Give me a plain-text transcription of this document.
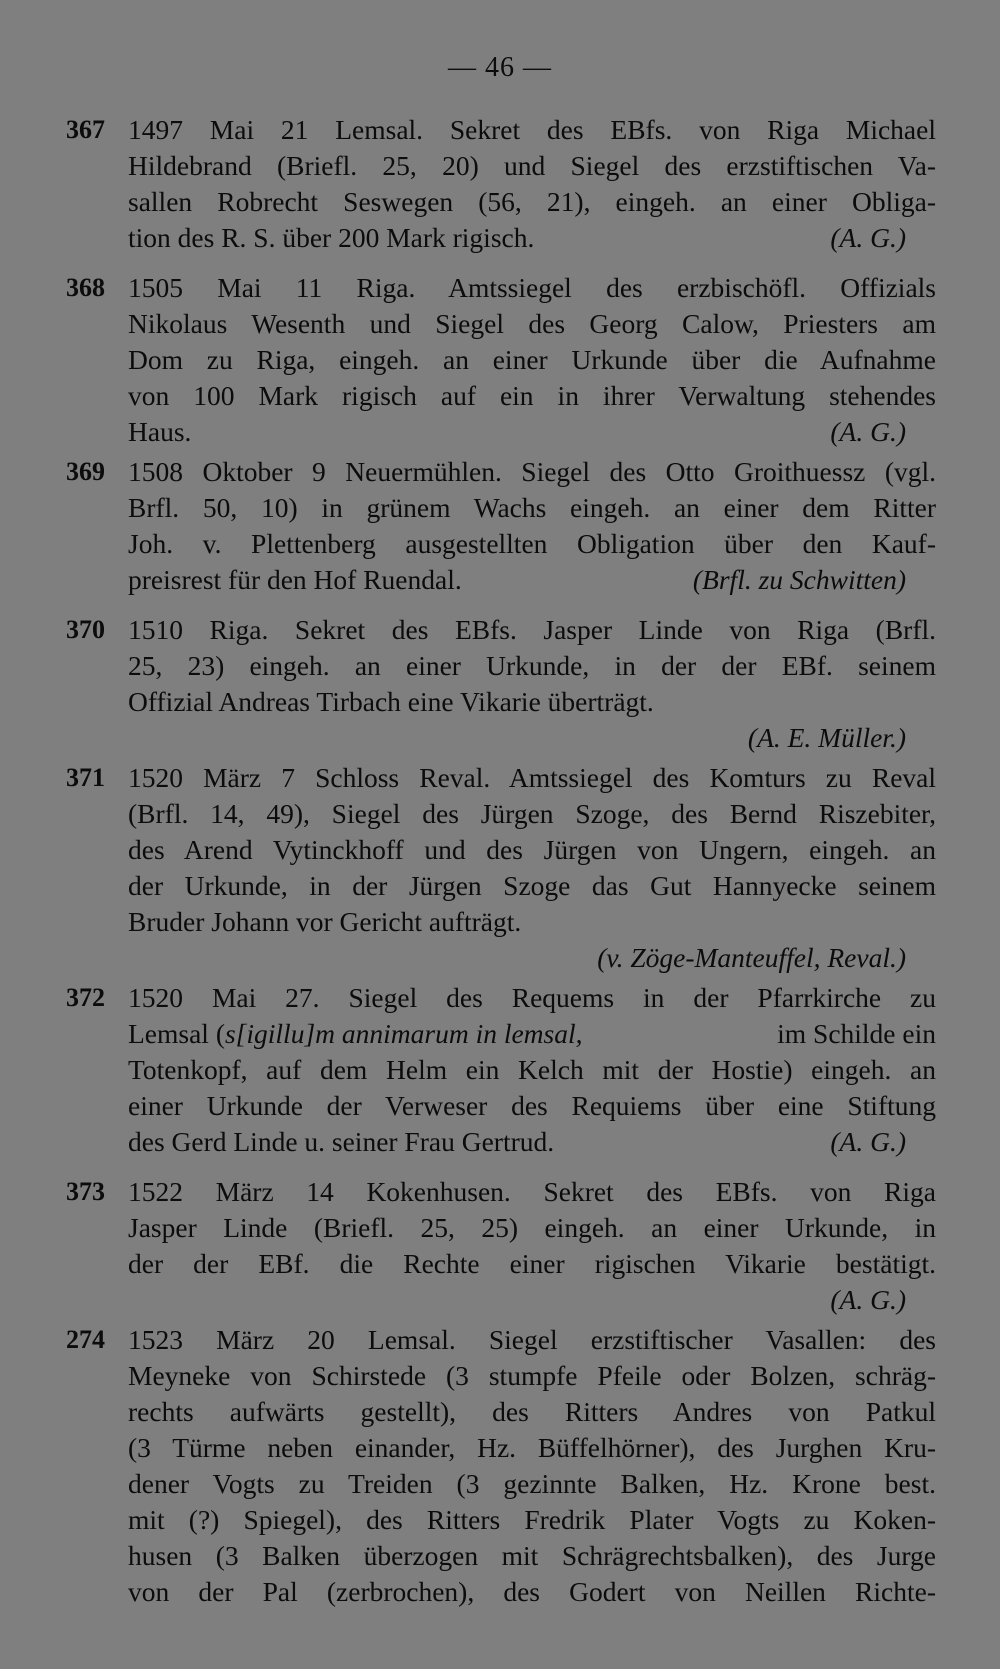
— 46 —
367 1497 Mai 21 Lemsal. Sekret des EBfs. von Riga Michael
Hildebrand (Briefl. 25, 20) und Siegel des erzstiftischen Va-
sallen Robrecht Seswegen (56, 21), eingeh. an einer Obliga-
tion des R. S. über 200 Mark rigisch.	(A. G.)
368 1505 Mai 11 Riga. Amtssiegel des erzbischöfl. Offizials
Nikolaus Wesenth und Siegel des Georg Calow, Priesters am
Dom zu Riga, eingeh. an einer Urkunde über die Aufnahme
von 100 Mark rigisch auf ein in ihrer Verwaltung stehendes
Haus.	(A. G.)
369 1508 Oktober 9 Neuermühlen. Siegel des Otto Groithuessz (vgl.
Brfl. 50, 10) in grünem Wachs eingeh. an einer dem Ritter
Joh. v. Plettenberg ausgestellten Obligation über den Kauf-
preisrest für den Hof Ruendal.	(Brfl. zu Schwitten)
370 1510 Riga. Sekret des EBfs. Jasper Linde von Riga (Brfl.
25, 23) eingeh. an einer Urkunde, in der der EBf. seinem
Offizial Andreas Tirbach eine Vikarie überträgt.
(A. E. Müller.)
371 1520 März 7 Schloss Reval. Amtssiegel des Komturs zu Reval
(Brfl. 14, 49), Siegel des Jürgen Szoge, des Bernd Riszebiter,
des Arend Vytinckhoff und des Jürgen von Ungern, eingeh. an
der Urkunde, in der Jürgen Szoge das Gut Hannyecke seinem
Bruder Johann vor Gericht aufträgt.
(v. Zöge-Manteuffel, Reval.)
372 1520 Mai 27. Siegel des Requems in der Pfarrkirche zu
Lemsal (s[igillu]m annimarum in lemsal,	im Schilde ein
Totenkopf, auf dem Helm ein Kelch mit der Hostie) eingeh. an
einer Urkunde der Verweser des Requiems über eine Stiftung
des Gerd Linde u. seiner Frau Gertrud.	(A. G.)
373 1522 März 14 Kokenhusen. Sekret des EBfs. von Riga
Jasper Linde (Briefl. 25, 25) eingeh. an einer Urkunde, in
der der EBf. die Rechte einer rigischen Vikarie bestätigt.
(A. G.)
274 1523 März 20 Lemsal. Siegel erzstiftischer Vasallen: des
Meyneke von Schirstede (3 stumpfe Pfeile oder Bolzen, schräg-
rechts aufwärts gestellt), des Ritters Andres von Patkul
(3 Türme neben einander, Hz. Büffelhörner), des Jurghen Kru-
dener Vogts zu Treiden (3 gezinnte Balken, Hz. Krone best.
mit (?) Spiegel), des Ritters Fredrik Plater Vogts zu Koken-
husen (3 Balken überzogen mit Schrägrechtsbalken), des Jurge
von der Pal (zerbrochen), des Godert von Neillen Richte-
